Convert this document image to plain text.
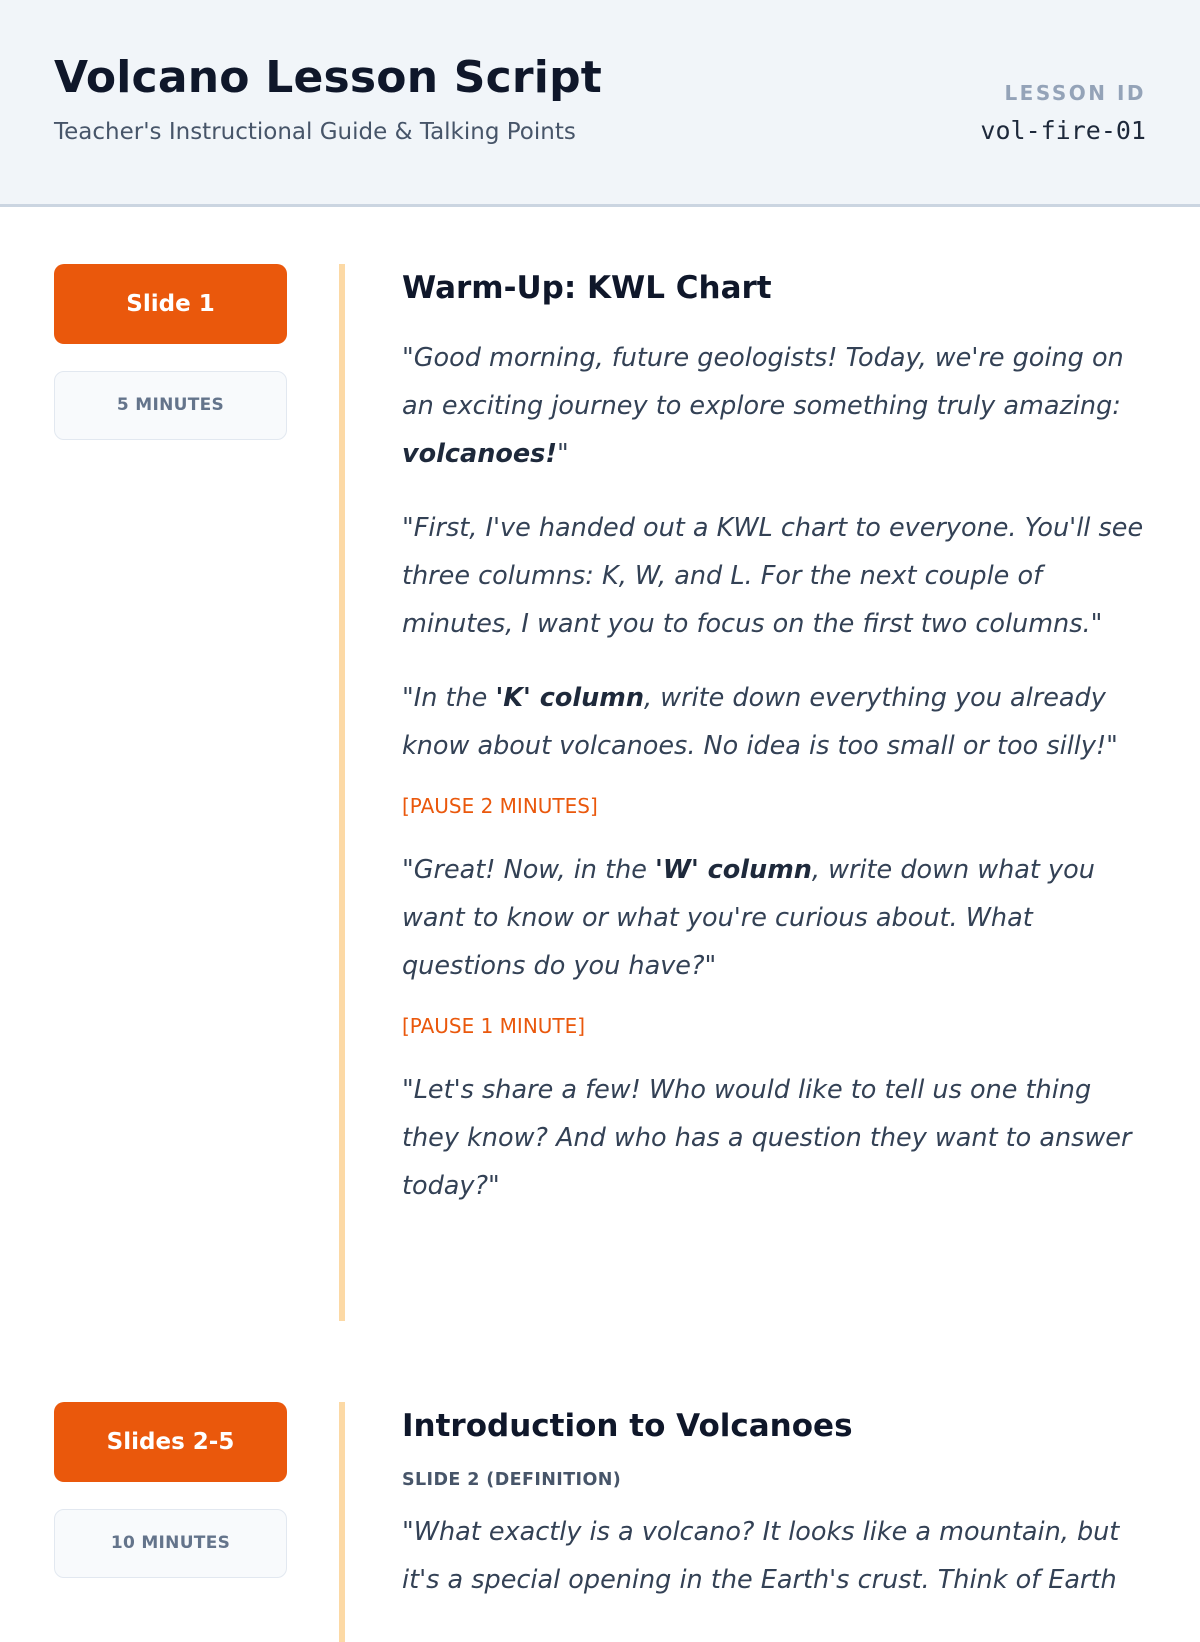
Volcano Lesson Script

Teacher's Instructional Guide & Talking Points

LESSON ID
vol-fire-01
Slide 1
5 MINUTES
Warm-Up: KWL Chart

"Good morning, future geologists! Today, we're going on an exciting journey to explore something truly amazing: volcanoes!"

"First, I've handed out a KWL chart to everyone. You'll see three columns: K, W, and L. For the next couple of minutes, I want you to focus on the first two columns."

"In the 'K' column, write down everything you already know about volcanoes. No idea is too small or too silly!"

[PAUSE 2 MINUTES]

"Great! Now, in the 'W' column, write down what you want to know or what you're curious about. What questions do you have?"

[PAUSE 1 MINUTE]

"Let's share a few! Who would like to tell us one thing they know? And who has a question they want to answer today?"

Slides 2-5
10 MINUTES
Introduction to Volcanoes

SLIDE 2 (DEFINITION)

"What exactly is a volcano? It looks like a mountain, but it's a special opening in the Earth's crust. Think of Earth
